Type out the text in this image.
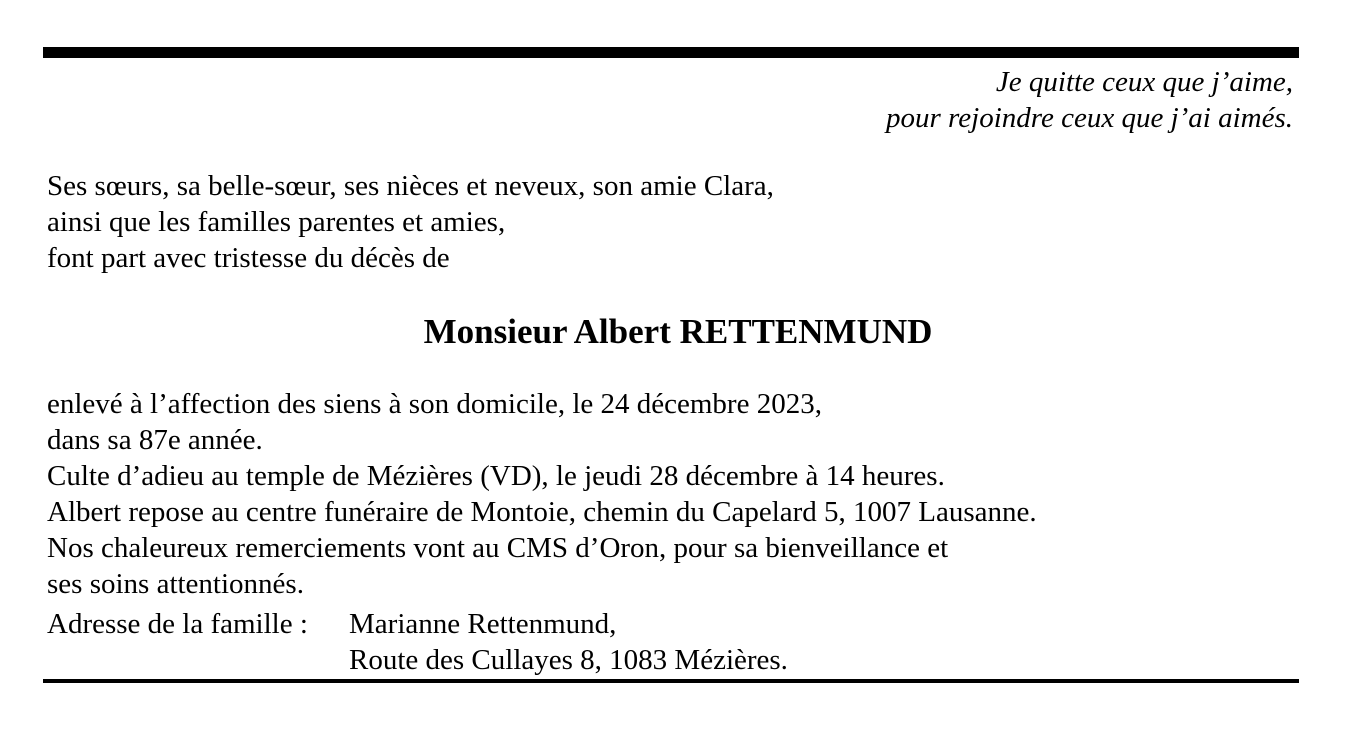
Je quitte ceux que j’aime,
pour rejoindre ceux que j’ai aimés.
Ses sœurs, sa belle-sœur, ses nièces et neveux, son amie Clara,
ainsi que les familles parentes et amies,
font part avec tristesse du décès de
Monsieur Albert RETTENMUND
enlevé à l’affection des siens à son domicile, le 24 décembre 2023,
dans sa 87e année.
Culte d’adieu au temple de Mézières (VD), le jeudi 28 décembre à 14 heures.
Albert repose au centre funéraire de Montoie, chemin du Capelard 5, 1007 Lausanne.
Nos chaleureux remerciements vont au CMS d’Oron, pour sa bienveillance et
ses soins attentionnés.
Adresse de la famille : Marianne Rettenmund,
Route des Cullayes 8, 1083 Mézières.
